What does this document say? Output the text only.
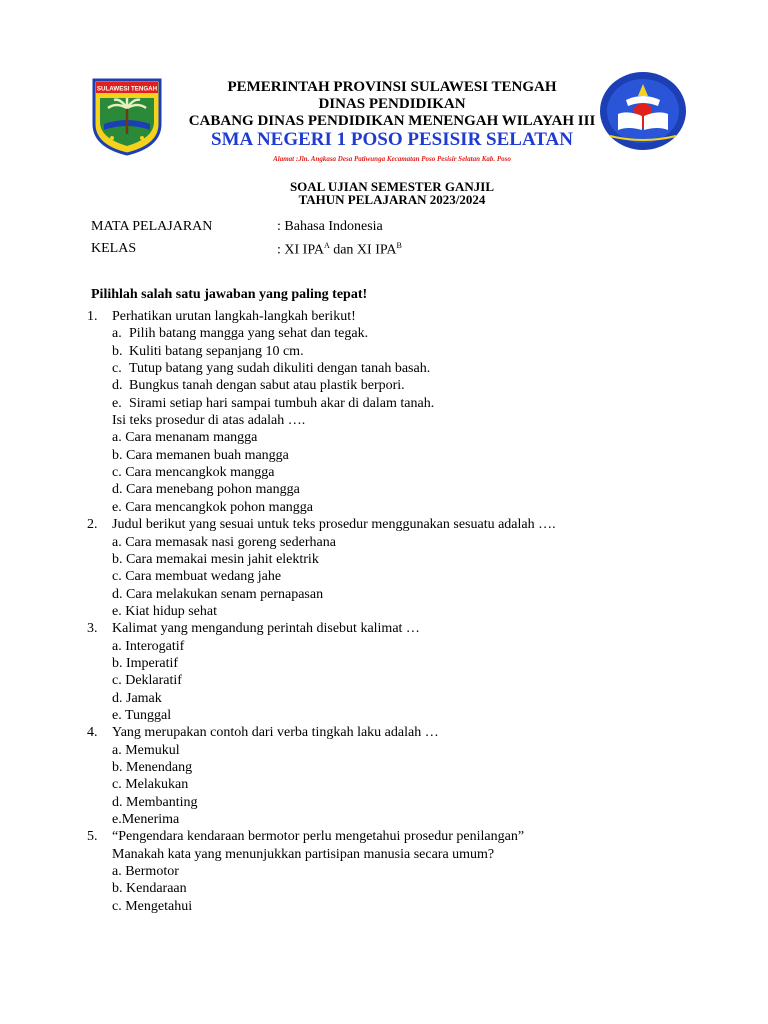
SULAWESI TENGAH	PEMERINTAH PROVINSI SULAWESI TENGAH
DINAS PENDIDIKAN
CABANG DINAS PENDIDIKAN MENENGAH WILAYAH III
SMA NEGERI 1 POSO PESISIR SELATAN
Alamat :Jln. Angkasa Desa Patiwunga Kecamatan Poso Pesisir Selatan Kab. Poso
SOAL UJIAN SEMESTER GANJIL
TAHUN PELAJARAN 2023/2024
MATA PELAJARAN	: Bahasa Indonesia
KELAS	: XI $IPA^A$ dan XI $IPA^B$
Pilihlah salah satu jawaban yang paling tepat!
1. Perhatikan urutan langkah-langkah berikut!
a. Pilih batang mangga yang sehat dan tegak.
b. Kuliti batang sepanjang 10 cm.
c. Tutup batang yang sudah dikuliti dengan tanah basah.
d. Bungkus tanah dengan sabut atau plastik berpori.
e. Sirami setiap hari sampai tumbuh akar di dalam tanah.
Isi teks prosedur di atas adalah ….
a. Cara menanam mangga
b. Cara memanen buah mangga
c. Cara mencangkok mangga
d. Cara menebang pohon mangga
e. Cara mencangkok pohon mangga
2. Judul berikut yang sesuai untuk teks prosedur menggunakan sesuatu adalah ….
a. Cara memasak nasi goreng sederhana
b. Cara memakai mesin jahit elektrik
c. Cara membuat wedang jahe
d. Cara melakukan senam pernapasan
e. Kiat hidup sehat
3. Kalimat yang mengandung perintah disebut kalimat …
a. Interogatif
b. Imperatif
c. Deklaratif
d. Jamak
e. Tunggal
4. Yang merupakan contoh dari verba tingkah laku adalah …
a. Memukul
b. Menendang
c. Melakukan
d. Membanting
e.Menerima
5. “Pengendara kendaraan bermotor perlu mengetahui prosedur penilangan”
Manakah kata yang menunjukkan partisipan manusia secara umum?
a. Bermotor
b. Kendaraan
c. Mengetahui
